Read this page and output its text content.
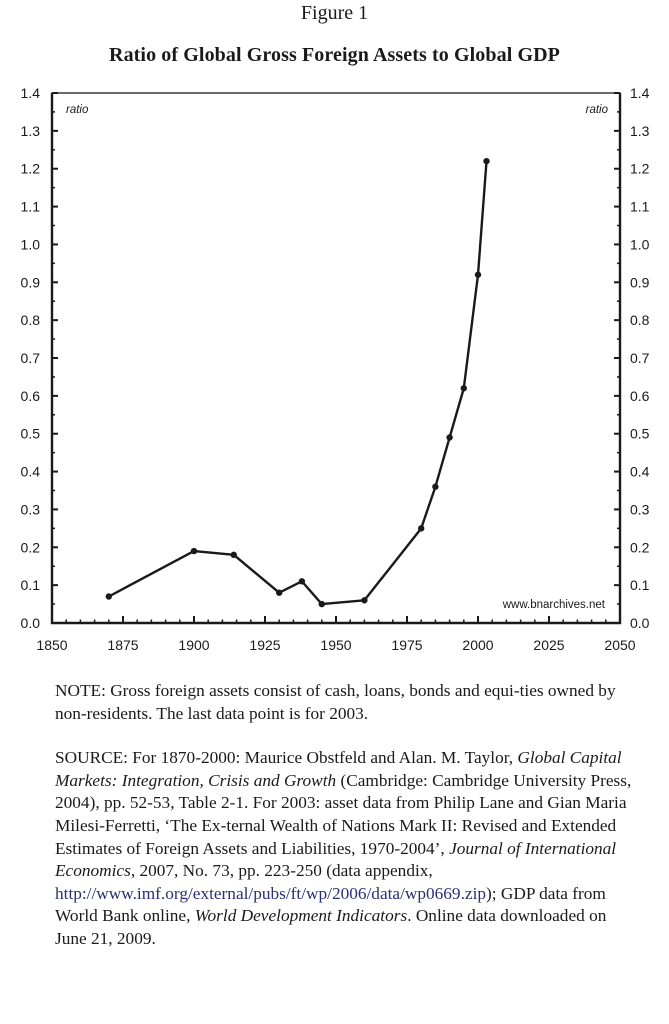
Figure 1
Ratio of Global Gross Foreign Assets to Global GDP
0.0
0.1
0.2
0.3
0.4
0.5
0.6
0.7
0.8
0.9
1.0
1.1
1.2
1.3
1.4
0.0
0.1
0.2
0.3
0.4
0.5
0.6
0.7
0.8
0.9
1.0
1.1
1.2
1.3
1.4
1850	1875	1900	1925	1950	1975	2000	2025	2050
ratio	ratio
www.bnarchives.net

NOTE: Gross foreign assets consist of cash, loans, bonds and equi-ties owned by non-residents. The last data point is for 2003.

SOURCE: For 1870-2000: Maurice Obstfeld and Alan. M. Taylor, Global Capital Markets: Integration, Crisis and Growth (Cambridge: Cambridge University Press, 2004), pp. 52-53, Table 2-1. For 2003: asset data from Philip Lane and Gian Maria Milesi-Ferretti, ‘The Ex-ternal Wealth of Nations Mark II: Revised and Extended Estimates of Foreign Assets and Liabilities, 1970-2004’, Journal of International Economics, 2007, No. 73, pp. 223-250 (data appendix, http://www.imf.org/external/pubs/ft/wp/2006/data/wp0669.zip); GDP data from World Bank online, World Development Indicators. Online data downloaded on June 21, 2009.
